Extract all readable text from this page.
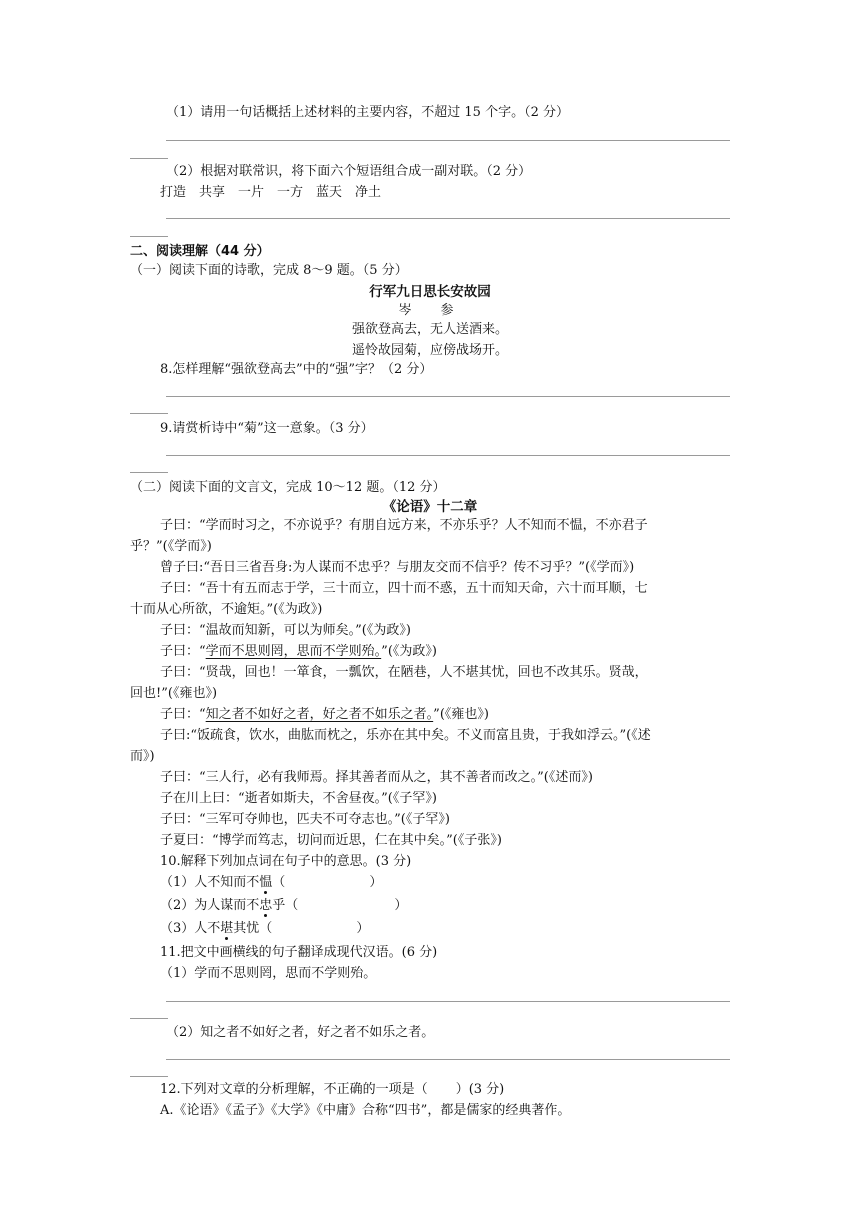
（1）请用一句话概括上述材料的主要内容，不超过 15 个字。（2 分）
（2）根据对联常识，将下面六个短语组合成一副对联。（2 分）
打造　共享　一片　一方　蓝天　净土
二、阅读理解（44 分）
（一）阅读下面的诗歌，完成 8～9 题。（5 分）
行军九日思长安故园
岑　参
强欲登高去，无人送酒来。
遥怜故园菊，应傍战场开。
8.怎样理解“强欲登高去”中的“强”字？（2 分）
9.请赏析诗中“菊”这一意象。（3 分）
（二）阅读下面的文言文，完成 10～12 题。（12 分）
《论语》十二章
子曰：“学而时习之，不亦说乎？有朋自远方来，不亦乐乎？人不知而不愠，不亦君子
乎？”(《学而》)
曾子曰:“吾日三省吾身:为人谋而不忠乎？与朋友交而不信乎？传不习乎？”(《学而》)
子曰：“吾十有五而志于学，三十而立，四十而不惑，五十而知天命，六十而耳顺，七
十而从心所欲，不逾矩。”(《为政》)
子曰：“温故而知新，可以为师矣。”(《为政》)
子曰：“学而不思则罔，思而不学则殆。”(《为政》)
子曰：“贤哉，回也！一箪食，一瓢饮，在陋巷，人不堪其忧，回也不改其乐。贤哉，
回也!”(《雍也》)
子曰：“知之者不如好之者，好之者不如乐之者。”(《雍也》)
子曰:“饭疏食，饮水，曲肱而枕之，乐亦在其中矣。不义而富且贵，于我如浮云。”(《述
而》)
子曰：“三人行，必有我师焉。择其善者而从之，其不善者而改之。”(《述而》)
子在川上曰：“逝者如斯夫，不舍昼夜。”(《子罕》)
子曰：“三军可夺帅也，匹夫不可夺志也。”(《子罕》)
子夏曰：“博学而笃志，切问而近思，仁在其中矣。”(《子张》)
10.解释下列加点词在句子中的意思。(3 分)
（1）人不知而不愠（	）
（2）为人谋而不忠乎（	）
（3）人不堪其忧（	）
11.把文中画横线的句子翻译成现代汉语。(6 分)
（1）学而不思则罔，思而不学则殆。
（2）知之者不如好之者，好之者不如乐之者。
12.下列对文章的分析理解，不正确的一项是（ ）(3 分)
A.《论语》《孟子》《大学》《中庸》合称“四书”，都是儒家的经典著作。
